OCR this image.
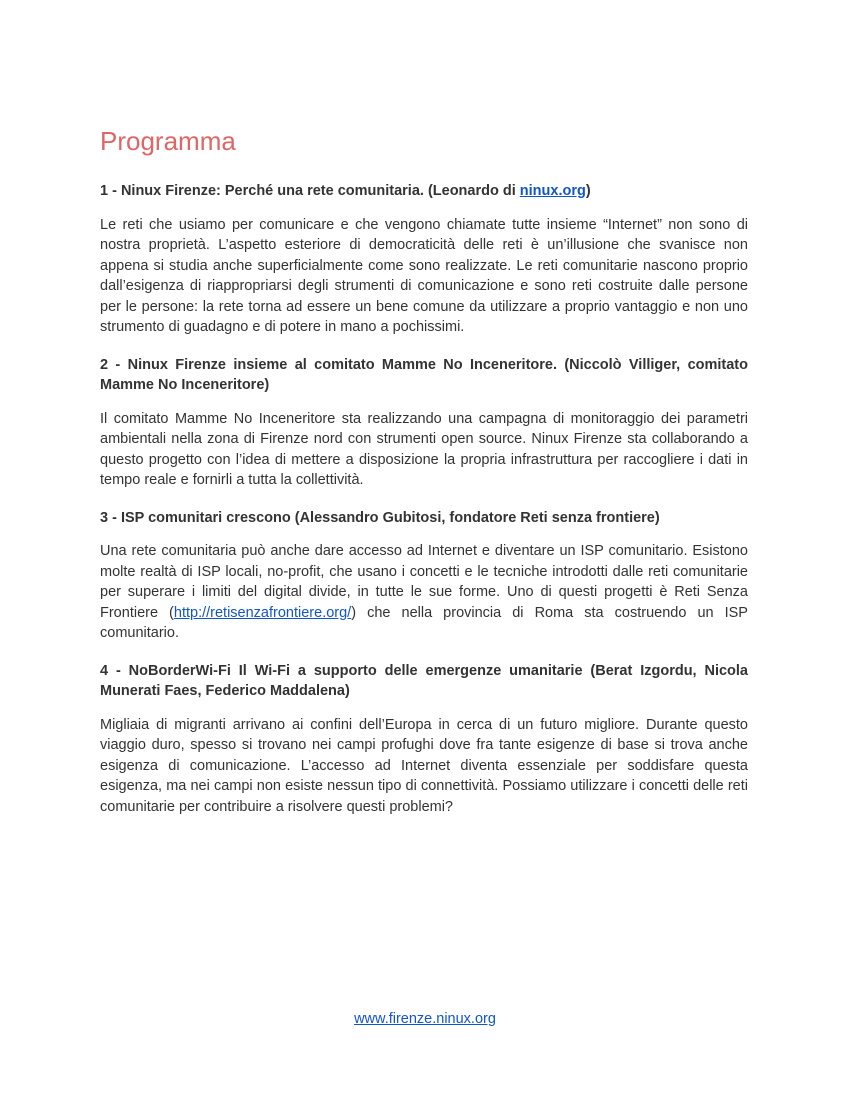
Programma
1 - Ninux Firenze: Perché una rete comunitaria. (Leonardo di ninux.org)

Le reti che usiamo per comunicare e che vengono chiamate tutte insieme “Internet” non sono di nostra proprietà. L’aspetto esteriore di democraticità delle reti è un’illusione che svanisce non appena si studia anche superficialmente come sono realizzate. Le reti comunitarie nascono proprio dall’esigenza di riappropriarsi degli strumenti di comunicazione e sono reti costruite dalle persone per le persone: la rete torna ad essere un bene comune da utilizzare a proprio vantaggio e non uno strumento di guadagno e di potere in mano a pochissimi.

2 - Ninux Firenze insieme al comitato Mamme No Inceneritore. (Niccolò Villiger, comitato Mamme No Inceneritore)

Il comitato Mamme No Inceneritore sta realizzando una campagna di monitoraggio dei parametri ambientali nella zona di Firenze nord con strumenti open source. Ninux Firenze sta collaborando a questo progetto con l’idea di mettere a disposizione la propria infrastruttura per raccogliere i dati in tempo reale e fornirli a tutta la collettività.

3 - ISP comunitari crescono (Alessandro Gubitosi, fondatore Reti senza frontiere)

Una rete comunitaria può anche dare accesso ad Internet e diventare un ISP comunitario. Esistono molte realtà di ISP locali, no-profit, che usano i concetti e le tecniche introdotti dalle reti comunitarie per superare i limiti del digital divide, in tutte le sue forme. Uno di questi progetti è Reti Senza Frontiere (http://retisenzafrontiere.org/) che nella provincia di Roma sta costruendo un ISP comunitario.

4 - NoBorderWi-Fi Il Wi-Fi a supporto delle emergenze umanitarie (Berat Izgordu, Nicola Munerati Faes, Federico Maddalena)

Migliaia di migranti arrivano ai confini dell’Europa in cerca di un futuro migliore. Durante questo viaggio duro, spesso si trovano nei campi profughi dove fra tante esigenze di base si trova anche esigenza di comunicazione. L’accesso ad Internet diventa essenziale per soddisfare questa esigenza, ma nei campi non esiste nessun tipo di connettività. Possiamo utilizzare i concetti delle reti comunitarie per contribuire a risolvere questi problemi?

www.firenze.ninux.org
